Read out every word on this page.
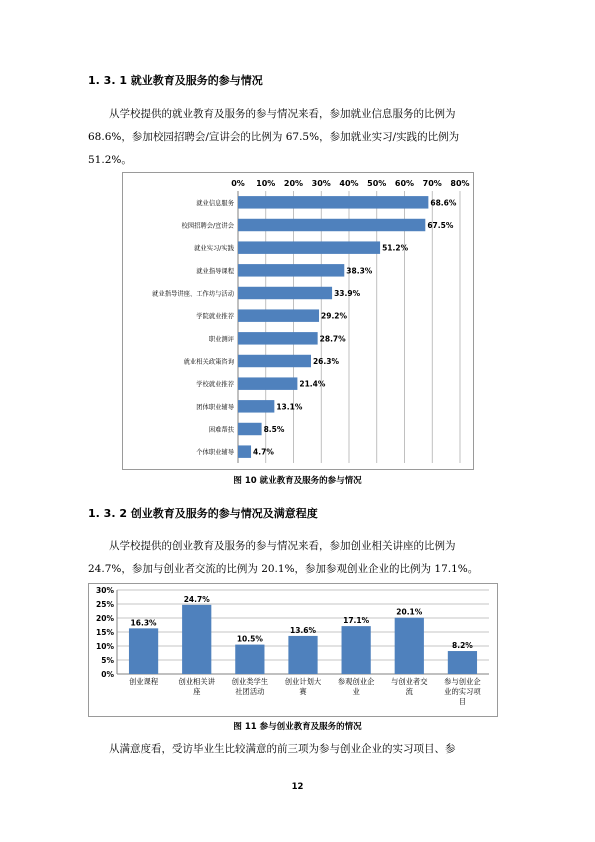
1. 3. 1 就业教育及服务的参与情况
从学校提供的就业教育及服务的参与情况来看，参加就业信息服务的比例为
68.6%，参加校园招聘会/宣讲会的比例为 67.5%，参加就业实习/实践的比例为
51.2%。
0% 10% 20% 30% 40% 50% 60% 70% 80%
就业信息服务	68.6%
校园招聘会/宣讲会	67.5%
就业实习/实践	51.2%
就业指导课程	38.3%
就业指导讲座、工作坊与活动	33.9%
学院就业推荐	29.2%
职业测评	28.7%
就业相关政策咨询	26.3%
学校就业推荐	21.4%
团体职业辅导	13.1%
困难帮扶	8.5%
个体职业辅导	4.7%
图 10 就业教育及服务的参与情况
1. 3. 2 创业教育及服务的参与情况及满意程度
从学校提供的创业教育及服务的参与情况来看，参加创业相关讲座的比例为
24.7%，参加与创业者交流的比例为 20.1%，参加参观创业企业的比例为 17.1%。
0%
5%
10%
15%
20%
25%
30%
16.3%
创业课程
24.7%
创业相关讲
座
10.5%
创业类学生
社团活动
13.6%
创业计划大
赛
17.1%
参观创业企
业
20.1%
与创业者交
流
8.2%
参与创业企
业的实习项
目
图 11 参与创业教育及服务的情况
从满意度看，受访毕业生比较满意的前三项为参与创业企业的实习项目、参
12
